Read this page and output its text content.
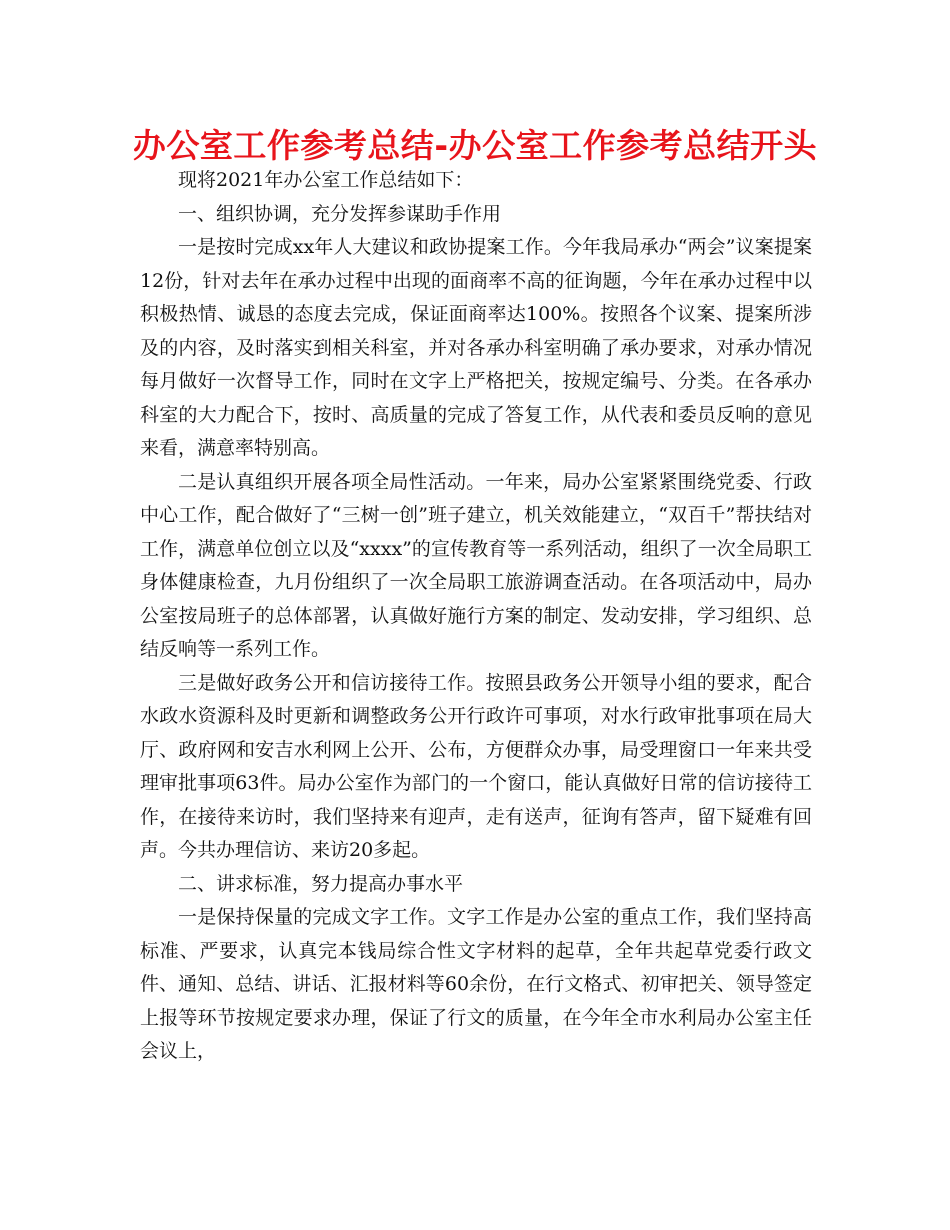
办公室工作参考总结-办公室工作参考总结开头

现将2021年办公室工作总结如下：

一、组织协调，充分发挥参谋助手作用

一是按时完成xx年人大建议和政协提案工作。今年我局承办“两会”议案提案12份，针对去年在承办过程中出现的面商率不高的征询题，今年在承办过程中以积极热情、诚恳的态度去完成，保证面商率达100%。按照各个议案、提案所涉及的内容，及时落实到相关科室，并对各承办科室明确了承办要求，对承办情况每月做好一次督导工作，同时在文字上严格把关，按规定编号、分类。在各承办科室的大力配合下，按时、高质量的完成了答复工作，从代表和委员反响的意见来看，满意率特别高。

二是认真组织开展各项全局性活动。一年来，局办公室紧紧围绕党委、行政中心工作，配合做好了“三树一创”班子建立，机关效能建立，“双百千”帮扶结对工作，满意单位创立以及“xxxx”的宣传教育等一系列活动，组织了一次全局职工身体健康检查，九月份组织了一次全局职工旅游调查活动。在各项活动中，局办公室按局班子的总体部署，认真做好施行方案的制定、发动安排，学习组织、总结反响等一系列工作。

三是做好政务公开和信访接待工作。按照县政务公开领导小组的要求，配合水政水资源科及时更新和调整政务公开行政许可事项，对水行政审批事项在局大厅、政府网和安吉水利网上公开、公布，方便群众办事，局受理窗口一年来共受理审批事项63件。局办公室作为部门的一个窗口，能认真做好日常的信访接待工作，在接待来访时，我们坚持来有迎声，走有送声，征询有答声，留下疑难有回声。今共办理信访、来访20多起。

二、讲求标准，努力提高办事水平

一是保持保量的完成文字工作。文字工作是办公室的重点工作，我们坚持高标准、严要求，认真完本钱局综合性文字材料的起草，全年共起草党委行政文件、通知、总结、讲话、汇报材料等60余份，在行文格式、初审把关、领导签定上报等环节按规定要求办理，保证了行文的质量，在今年全市水利局办公室主任会议上，
